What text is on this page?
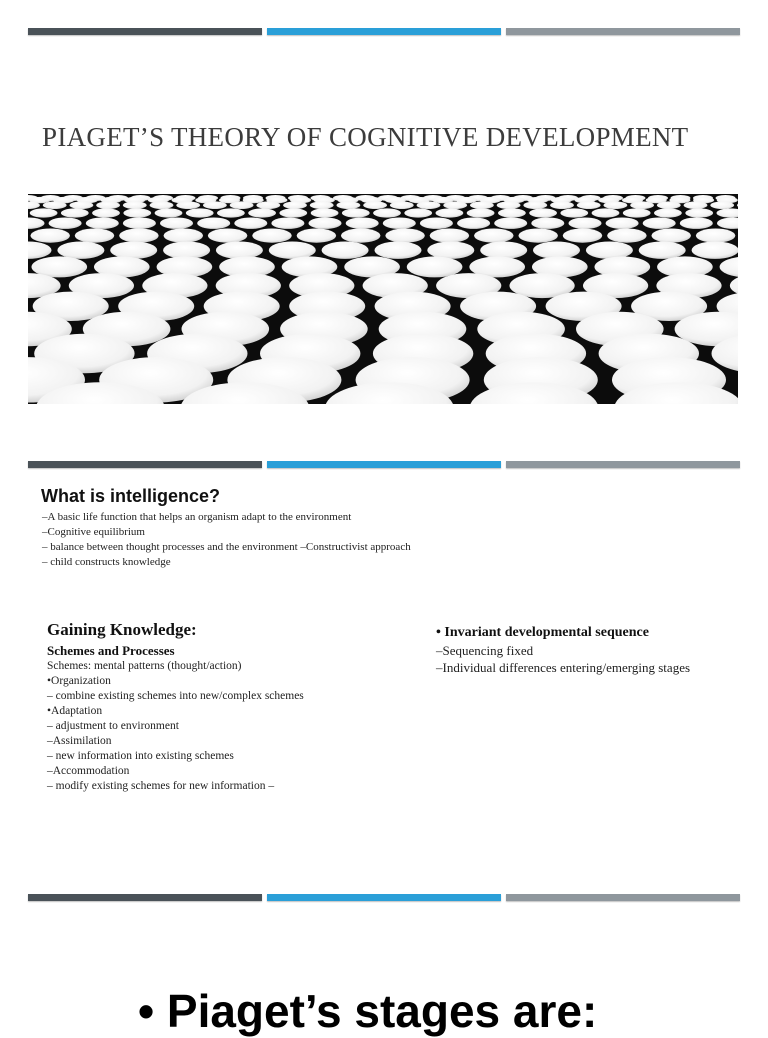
PIAGET’S THEORY OF COGNITIVE DEVELOPMENT
What is intelligence?
–A basic life function that helps an organism adapt to the environment
–Cognitive equilibrium
– balance between thought processes and the environment –Constructivist approach
– child constructs knowledge
Gaining Knowledge:
Schemes and Processes
Schemes: mental patterns (thought/action)
•Organization
– combine existing schemes into new/complex schemes
•Adaptation
– adjustment to environment
–Assimilation
– new information into existing schemes
–Accommodation
– modify existing schemes for new information –
• Invariant developmental sequence
–Sequencing fixed
–Individual differences entering/emerging stages
• Piaget’s stages are:
